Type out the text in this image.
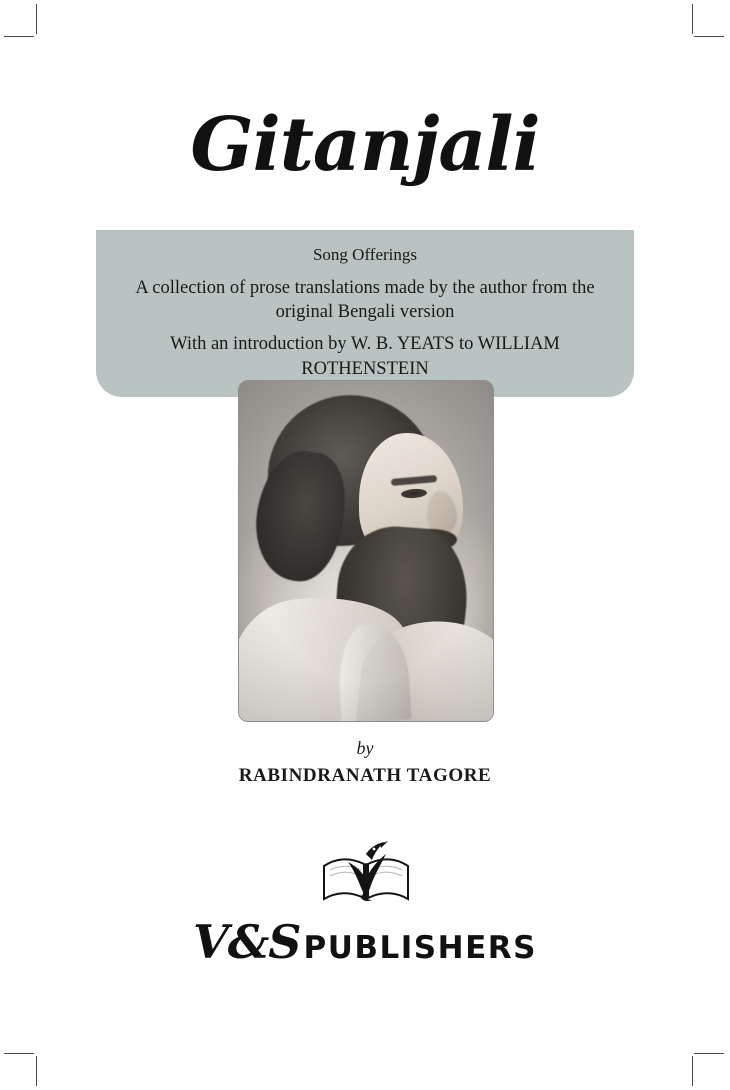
Gitanjali

Song Offerings

A collection of prose translations made by the author from the original Bengali version

With an introduction by W. B. YEATS to WILLIAM ROTHENSTEIN

by
RABINDRANATH TAGORE
V&SPUBLISHERS
